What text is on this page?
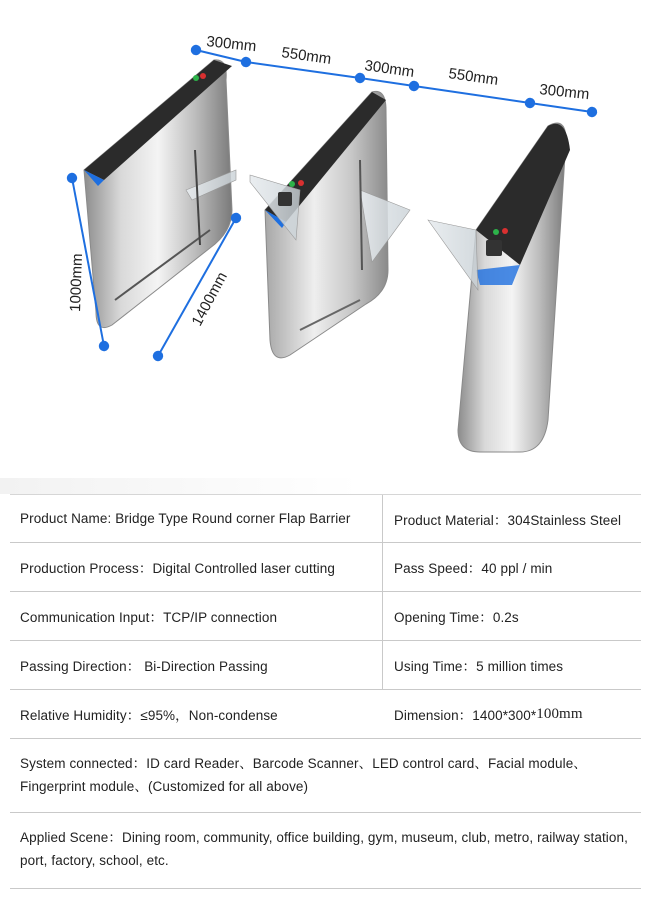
300mm 550mm
300mm 550mm
300mm
1000mm	1400mm
Product Name: Bridge Type Round corner Flap Barrier	Product Material：304Stainless Steel
Production Process：Digital Controlled laser cutting	Pass Speed：40 ppl / min
Communication Input：TCP/IP connection	Opening Time：0.2s
Passing Direction： Bi-Direction Passing	Using Time：5 million times
Relative Humidity：≤95%，Non-condense	Dimension：1400*300* 100mm
System connected：ID card Reader、Barcode Scanner、LED control card、Facial module、Fingerprint module、(Customized for all above)
Applied Scene：Dining room, community, office building, gym, museum, club, metro, railway station, port, factory, school, etc.
